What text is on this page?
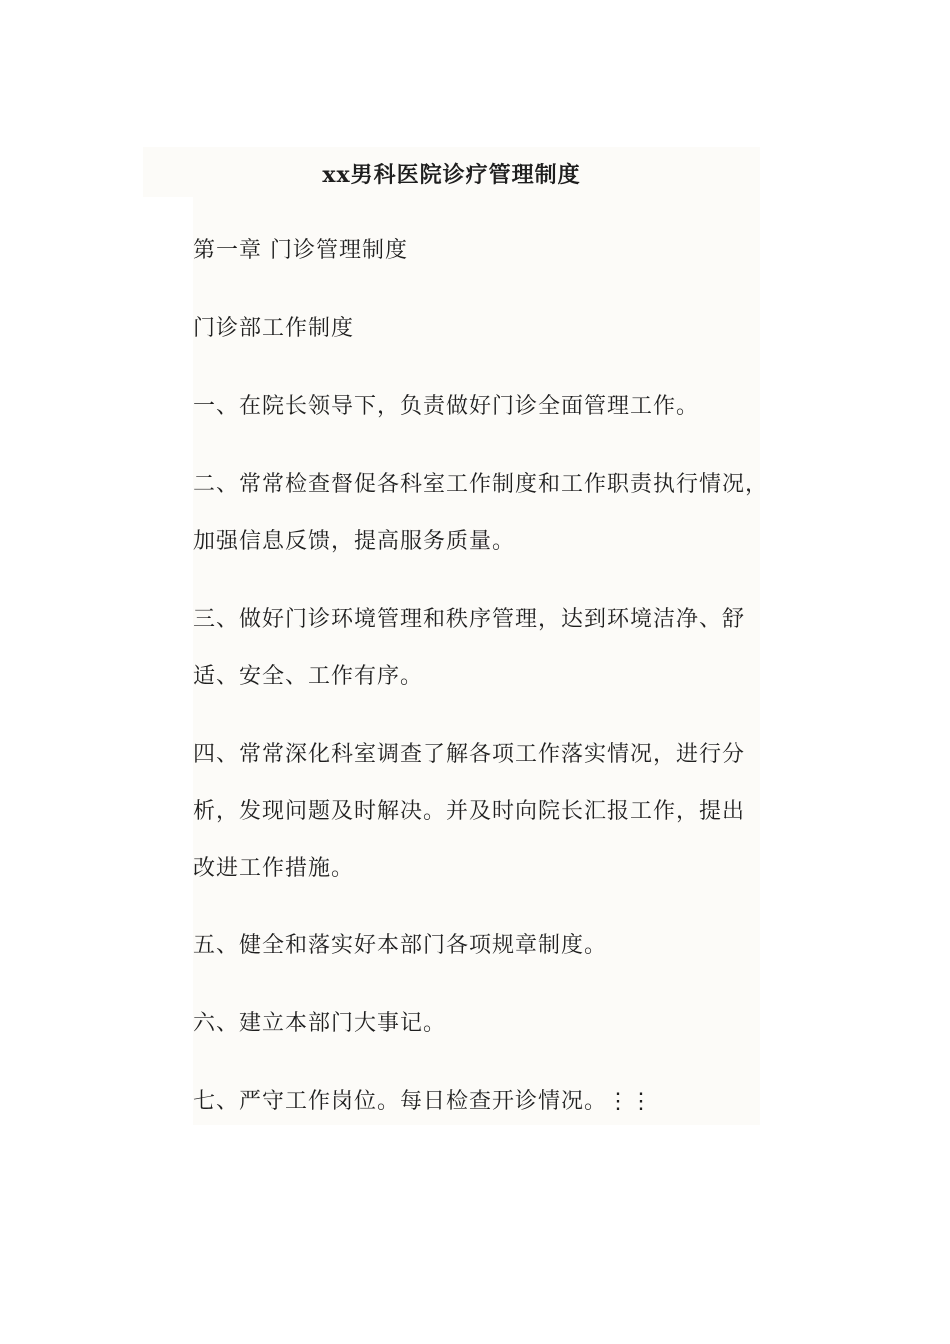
xx男科医院诊疗管理制度

第一章 门诊管理制度

门诊部工作制度

一、在院长领导下，负责做好门诊全面管理工作。

二、常常检查督促各科室工作制度和工作职责执行情况，

加强信息反馈，提高服务质量。

三、做好门诊环境管理和秩序管理，达到环境洁净、舒

适、安全、工作有序。

四、常常深化科室调查了解各项工作落实情况，进行分

析，发现问题及时解决。并及时向院长汇报工作，提出

改进工作措施。

五、健全和落实好本部门各项规章制度。

六、建立本部门大事记。

七、严守工作岗位。每日检查开诊情况。⋮⋮
